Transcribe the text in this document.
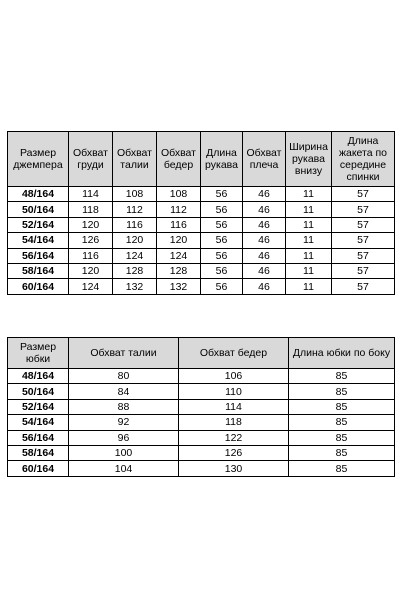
Размер джемпера	Обхват груди	Обхват талии	Обхват бедер	Длина рукава	Обхват плеча	Ширина рукава внизу	Длина жакета по середине спинки
48/164	114	108	108	56	46	11	57
50/164	118	112	112	56	46	11	57
52/164	120	116	116	56	46	11	57
54/164	126	120	120	56	46	11	57
56/164	116	124	124	56	46	11	57
58/164	120	128	128	56	46	11	57
60/164	124	132	132	56	46	11	57
Размер юбки	Обхват талии	Обхват бедер	Длина юбки по боку
48/164	80	106	85
50/164	84	110	85
52/164	88	114	85
54/164	92	118	85
56/164	96	122	85
58/164	100	126	85
60/164	104	130	85
